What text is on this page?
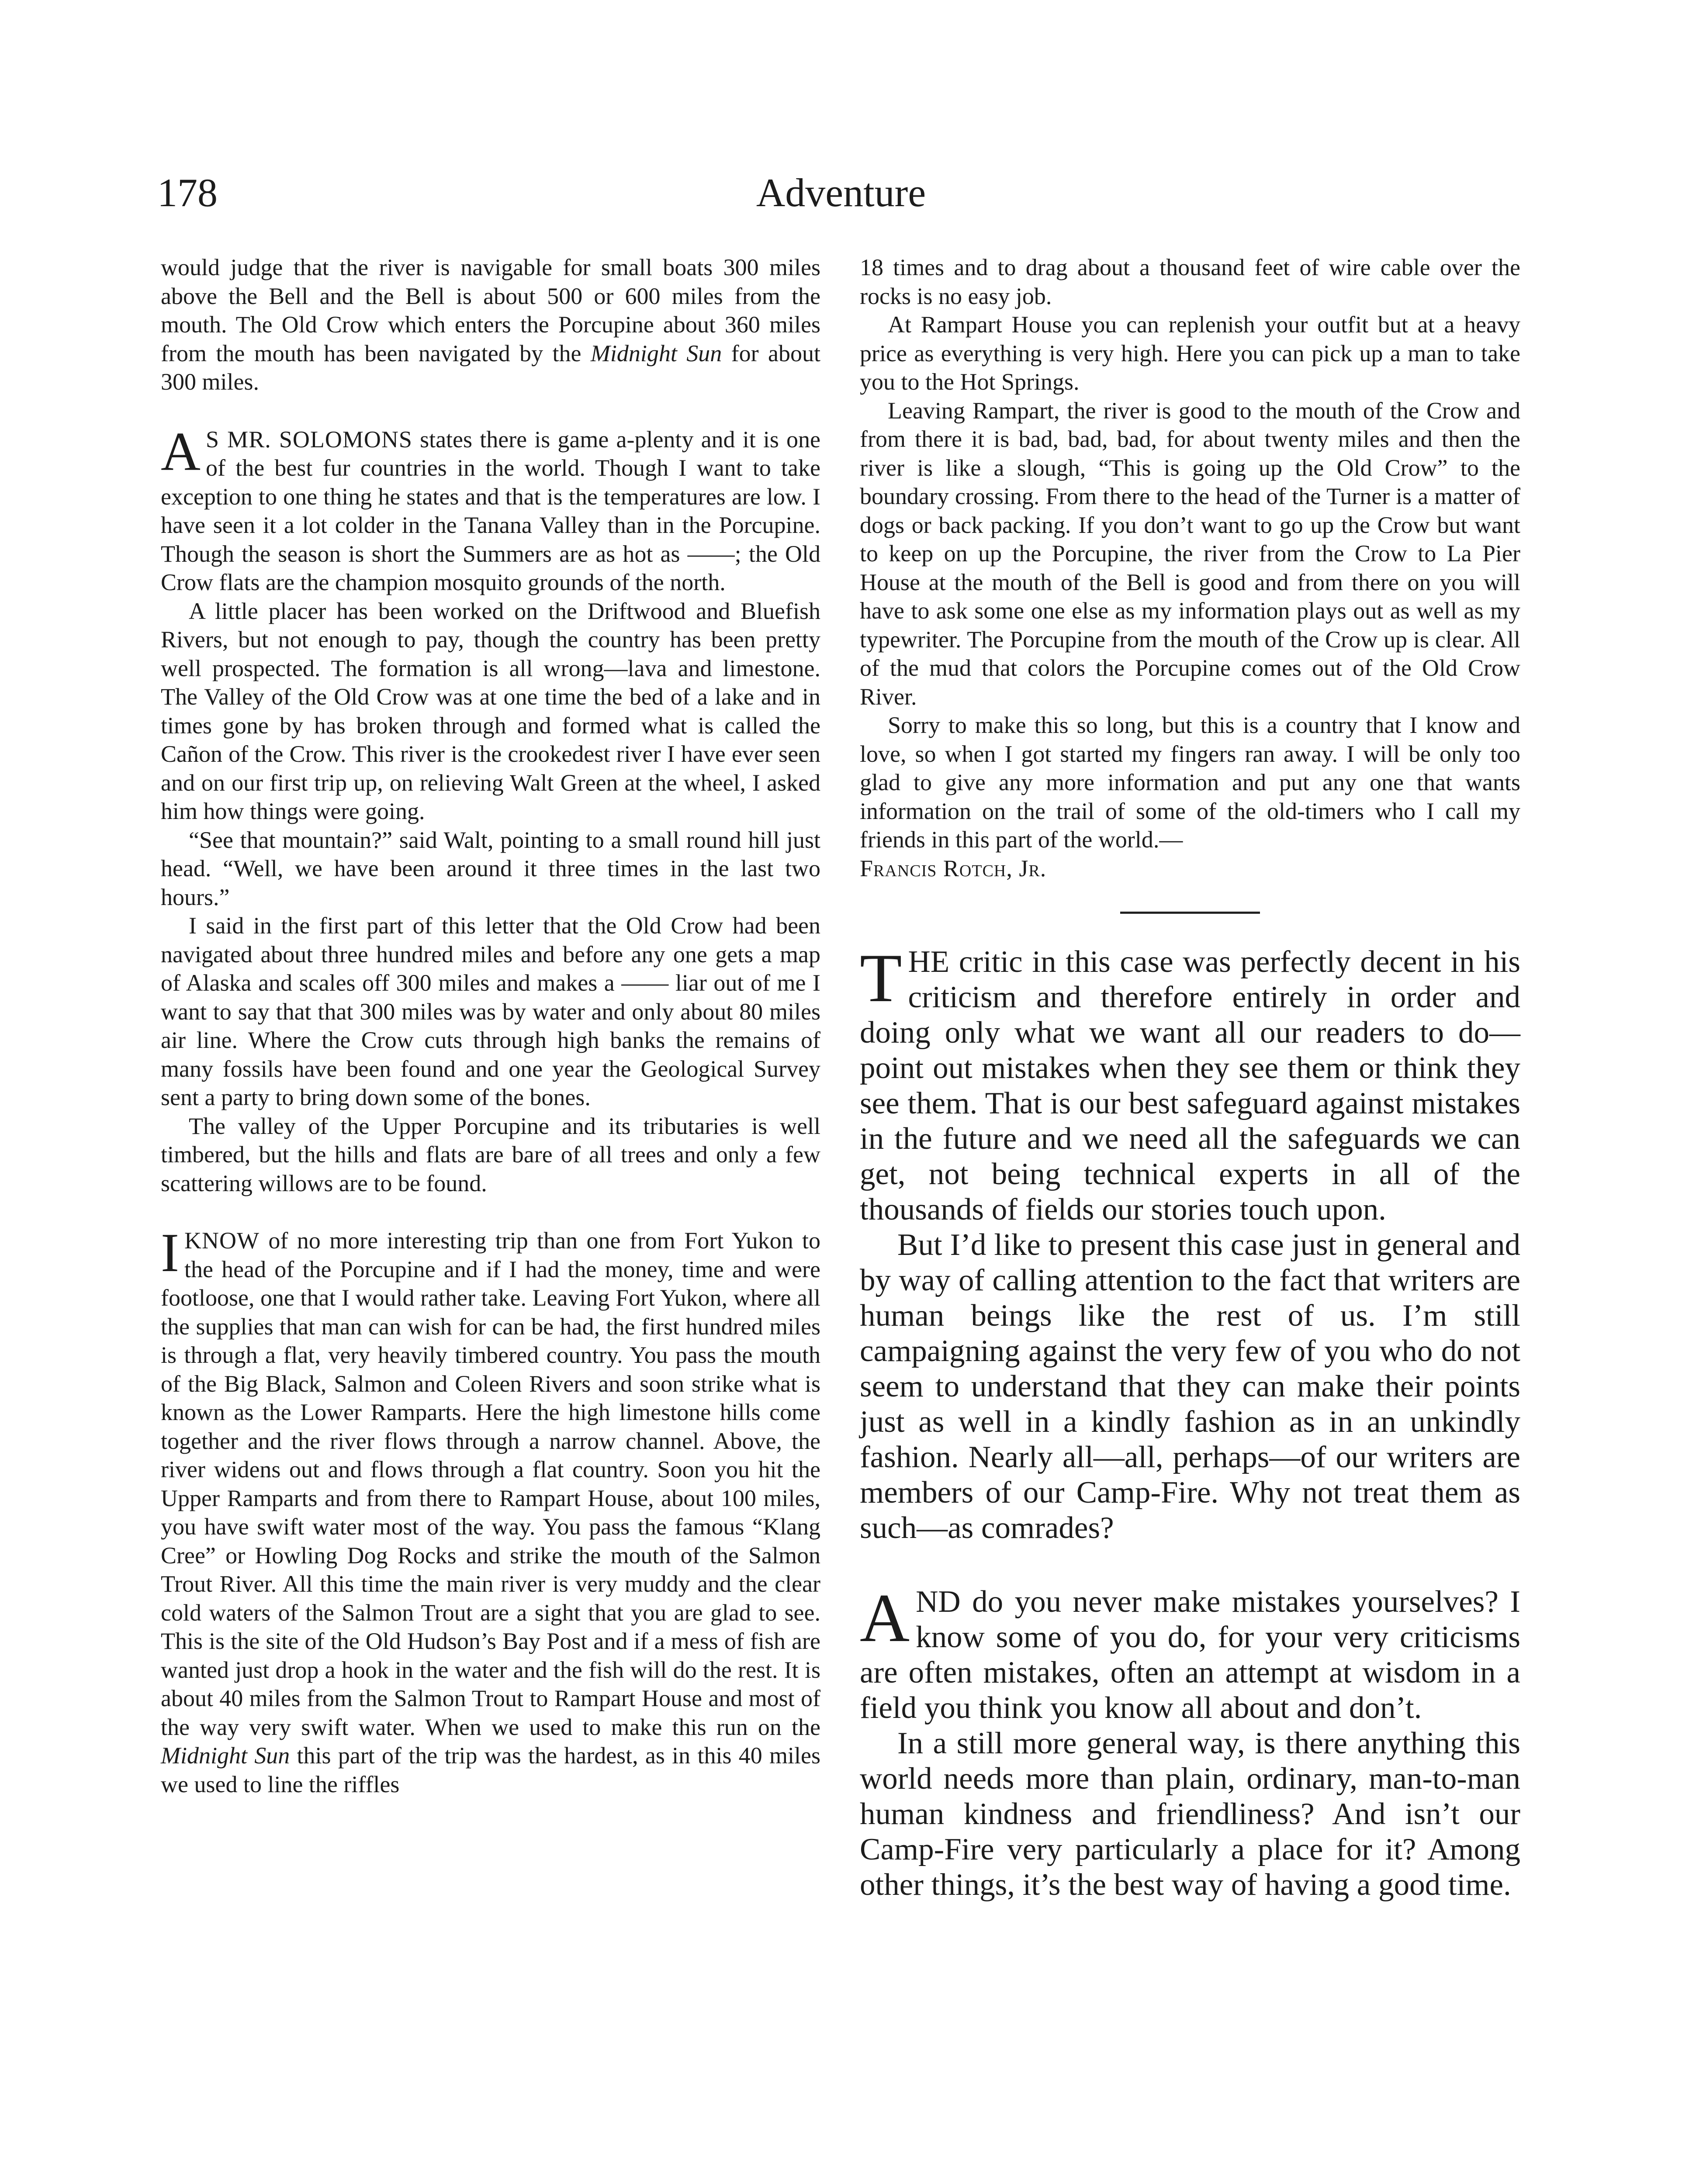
178	Adventure

would judge that the river is navigable for small boats 300 miles above the Bell and the Bell is about 500 or 600 miles from the mouth. The Old Crow which enters the Porcupine about 360 miles from the mouth has been navigated by the Midnight Sun for about 300 miles.

A S MR. SOLOMONS states there is game a-plenty and it is one of the best fur countries in the world. Though I want to take exception to one thing he states and that is the temperatures are low. I have seen it a lot colder in the Tanana Valley than in the Porcupine. Though the season is short the Summers are as hot as ——; the Old Crow flats are the champion mosquito grounds of the north.

A little placer has been worked on the Driftwood and Bluefish Rivers, but not enough to pay, though the country has been pretty well prospected. The formation is all wrong—lava and limestone. The Valley of the Old Crow was at one time the bed of a lake and in times gone by has broken through and formed what is called the Cañon of the Crow. This river is the crookedest river I have ever seen and on our first trip up, on relieving Walt Green at the wheel, I asked him how things were going.

“See that mountain?” said Walt, pointing to a small round hill just head. “Well, we have been around it three times in the last two hours.”

I said in the first part of this letter that the Old Crow had been navigated about three hundred miles and before any one gets a map of Alaska and scales off 300 miles and makes a —— liar out of me I want to say that that 300 miles was by water and only about 80 miles air line. Where the Crow cuts through high banks the remains of many fossils have been found and one year the Geological Survey sent a party to bring down some of the bones.

The valley of the Upper Porcupine and its tributaries is well timbered, but the hills and flats are bare of all trees and only a few scattering willows are to be found.

I KNOW of no more interesting trip than one from Fort Yukon to the head of the Porcupine and if I had the money, time and were footloose, one that I would rather take. Leaving Fort Yukon, where all the supplies that man can wish for can be had, the first hundred miles is through a flat, very heavily timbered country. You pass the mouth of the Big Black, Salmon and Coleen Rivers and soon strike what is known as the Lower Ramparts. Here the high limestone hills come together and the river flows through a narrow channel. Above, the river widens out and flows through a flat country. Soon you hit the Upper Ramparts and from there to Rampart House, about 100 miles, you have swift water most of the way. You pass the famous “Klang Cree” or Howling Dog Rocks and strike the mouth of the Salmon Trout River. All this time the main river is very muddy and the clear cold waters of the Salmon Trout are a sight that you are glad to see. This is the site of the Old Hudson’s Bay Post and if a mess of fish are wanted just drop a hook in the water and the fish will do the rest. It is about 40 miles from the Salmon Trout to Rampart House and most of the way very swift water. When we used to make this run on the Midnight Sun this part of the trip was the hardest, as in this 40 miles we used to line the riffles

18 times and to drag about a thousand feet of wire cable over the rocks is no easy job.

At Rampart House you can replenish your outfit but at a heavy price as everything is very high. Here you can pick up a man to take you to the Hot Springs.

Leaving Rampart, the river is good to the mouth of the Crow and from there it is bad, bad, bad, for about twenty miles and then the river is like a slough, “This is going up the Old Crow” to the boundary crossing. From there to the head of the Turner is a matter of dogs or back packing. If you don’t want to go up the Crow but want to keep on up the Porcupine, the river from the Crow to La Pier House at the mouth of the Bell is good and from there on you will have to ask some one else as my information plays out as well as my typewriter. The Porcupine from the mouth of the Crow up is clear. All of the mud that colors the Porcupine comes out of the Old Crow River.

Sorry to make this so long, but this is a country that I know and love, so when I got started my fingers ran away. I will be only too glad to give any more information and put any one that wants information on the trail of some of the old-timers who I call my friends in this part of the world.—

Francis Rotch, Jr.

THE critic in this case was perfectly decent in his criticism and therefore entirely in order and doing only what we want all our readers to do—point out mistakes when they see them or think they see them. That is our best safeguard against mistakes in the future and we need all the safeguards we can get, not being technical experts in all of the thousands of fields our stories touch upon.

But I’d like to present this case just in general and by way of calling attention to the fact that writers are human beings like the rest of us. I’m still campaigning against the very few of you who do not seem to understand that they can make their points just as well in a kindly fashion as in an unkindly fashion. Nearly all—all, perhaps—of our writers are members of our Camp-Fire. Why not treat them as such—as comrades?

AND do you never make mistakes yourselves? I know some of you do, for your very criticisms are often mistakes, often an attempt at wisdom in a field you think you know all about and don’t.

In a still more general way, is there anything this world needs more than plain, ordinary, man-to-man human kindness and friendliness? And isn’t our Camp-Fire very particularly a place for it? Among other things, it’s the best way of having a good time.
